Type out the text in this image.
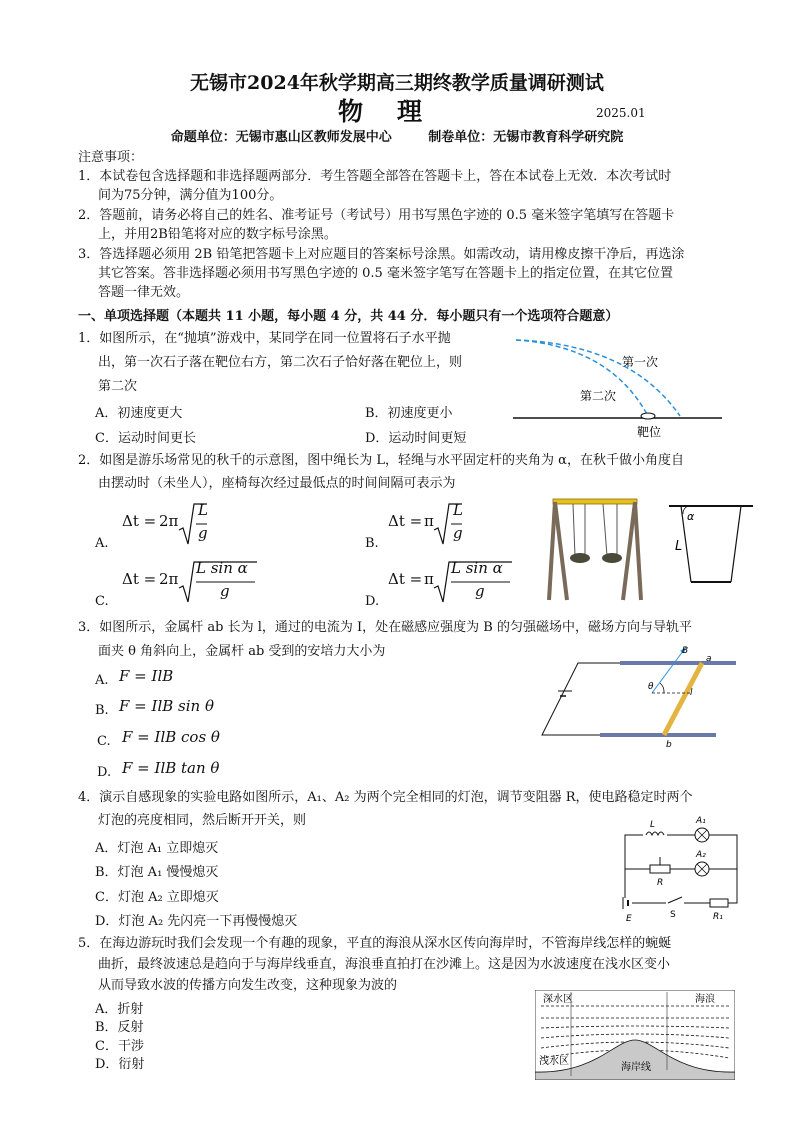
无锡市2024年秋学期高三期终教学质量调研测试
物理	2025.01
命题单位：无锡市惠山区教师发展中心	制卷单位：无锡市教育科学研究院
注意事项：
1．本试卷包含选择题和非选择题两部分．考生答题全部答在答题卡上，答在本试卷上无效．本次考试时
间为75分钟，满分值为100分。
2．答题前，请务必将自己的姓名、准考证号（考试号）用书写黑色字迹的 0.5 毫米签字笔填写在答题卡
上，并用2B铅笔将对应的数字标号涂黑。
3．答选择题必须用 2B 铅笔把答题卡上对应题目的答案标号涂黑。如需改动，请用橡皮擦干净后，再选涂
其它答案。答非选择题必须用书写黑色字迹的 0.5 毫米签字笔写在答题卡上的指定位置，在其它位置
答题一律无效。
一、单项选择题（本题共 11 小题，每小题 4 分，共 44 分．每小题只有一个选项符合题意）
1．如图所示，在“抛填”游戏中，某同学在同一位置将石子水平抛
出，第一次石子落在靶位右方，第二次石子恰好落在靶位上，则
第二次
A．初速度更大	B．初速度更小
C．运动时间更长	D．运动时间更短
第一次
第二次
靶位
2．如图是游乐场常见的秋千的示意图，图中绳长为 L，轻绳与水平固定杆的夹角为 α，在秋千做小角度自
由摆动时（未坐人），座椅每次经过最低点的时间间隔可表示为
A.
Δt = 2π
L
g
B.
Δt = π
L
g
C.
Δt = 2π
L sin α
g
D.
Δt = π
L sin α
g
α
L
3．如图所示，金属杆 ab 长为 l，通过的电流为 I，处在磁感应强度为 B 的匀强磁场中，磁场方向与导轨平
面夹 θ 角斜向上，金属杆 ab 受到的安培力大小为
A. F = IlB
B. F = IlB sin θ
C. F = IlB cos θ
D. F = IlB tan θ
B
a
b
θ
l
4．演示自感现象的实验电路如图所示，A₁、A₂ 为两个完全相同的灯泡，调节变阻器 R，使电路稳定时两个
灯泡的亮度相同，然后断开开关，则
A．灯泡 A₁ 立即熄灭
B．灯泡 A₁ 慢慢熄灭
C．灯泡 A₂ 立即熄灭
D．灯泡 A₂ 先闪亮一下再慢慢熄灭
L	A₁
A₂
R
E	S	R₁
5．在海边游玩时我们会发现一个有趣的现象，平直的海浪从深水区传向海岸时，不管海岸线怎样的蜿蜒
曲折，最终波速总是趋向于与海岸线垂直，海浪垂直拍打在沙滩上。这是因为水波速度在浅水区变小
从而导致水波的传播方向发生改变，这种现象为波的
A．折射
B．反射
C．干涉
D．衍射
深水区	海浪
浅水区
海岸线
